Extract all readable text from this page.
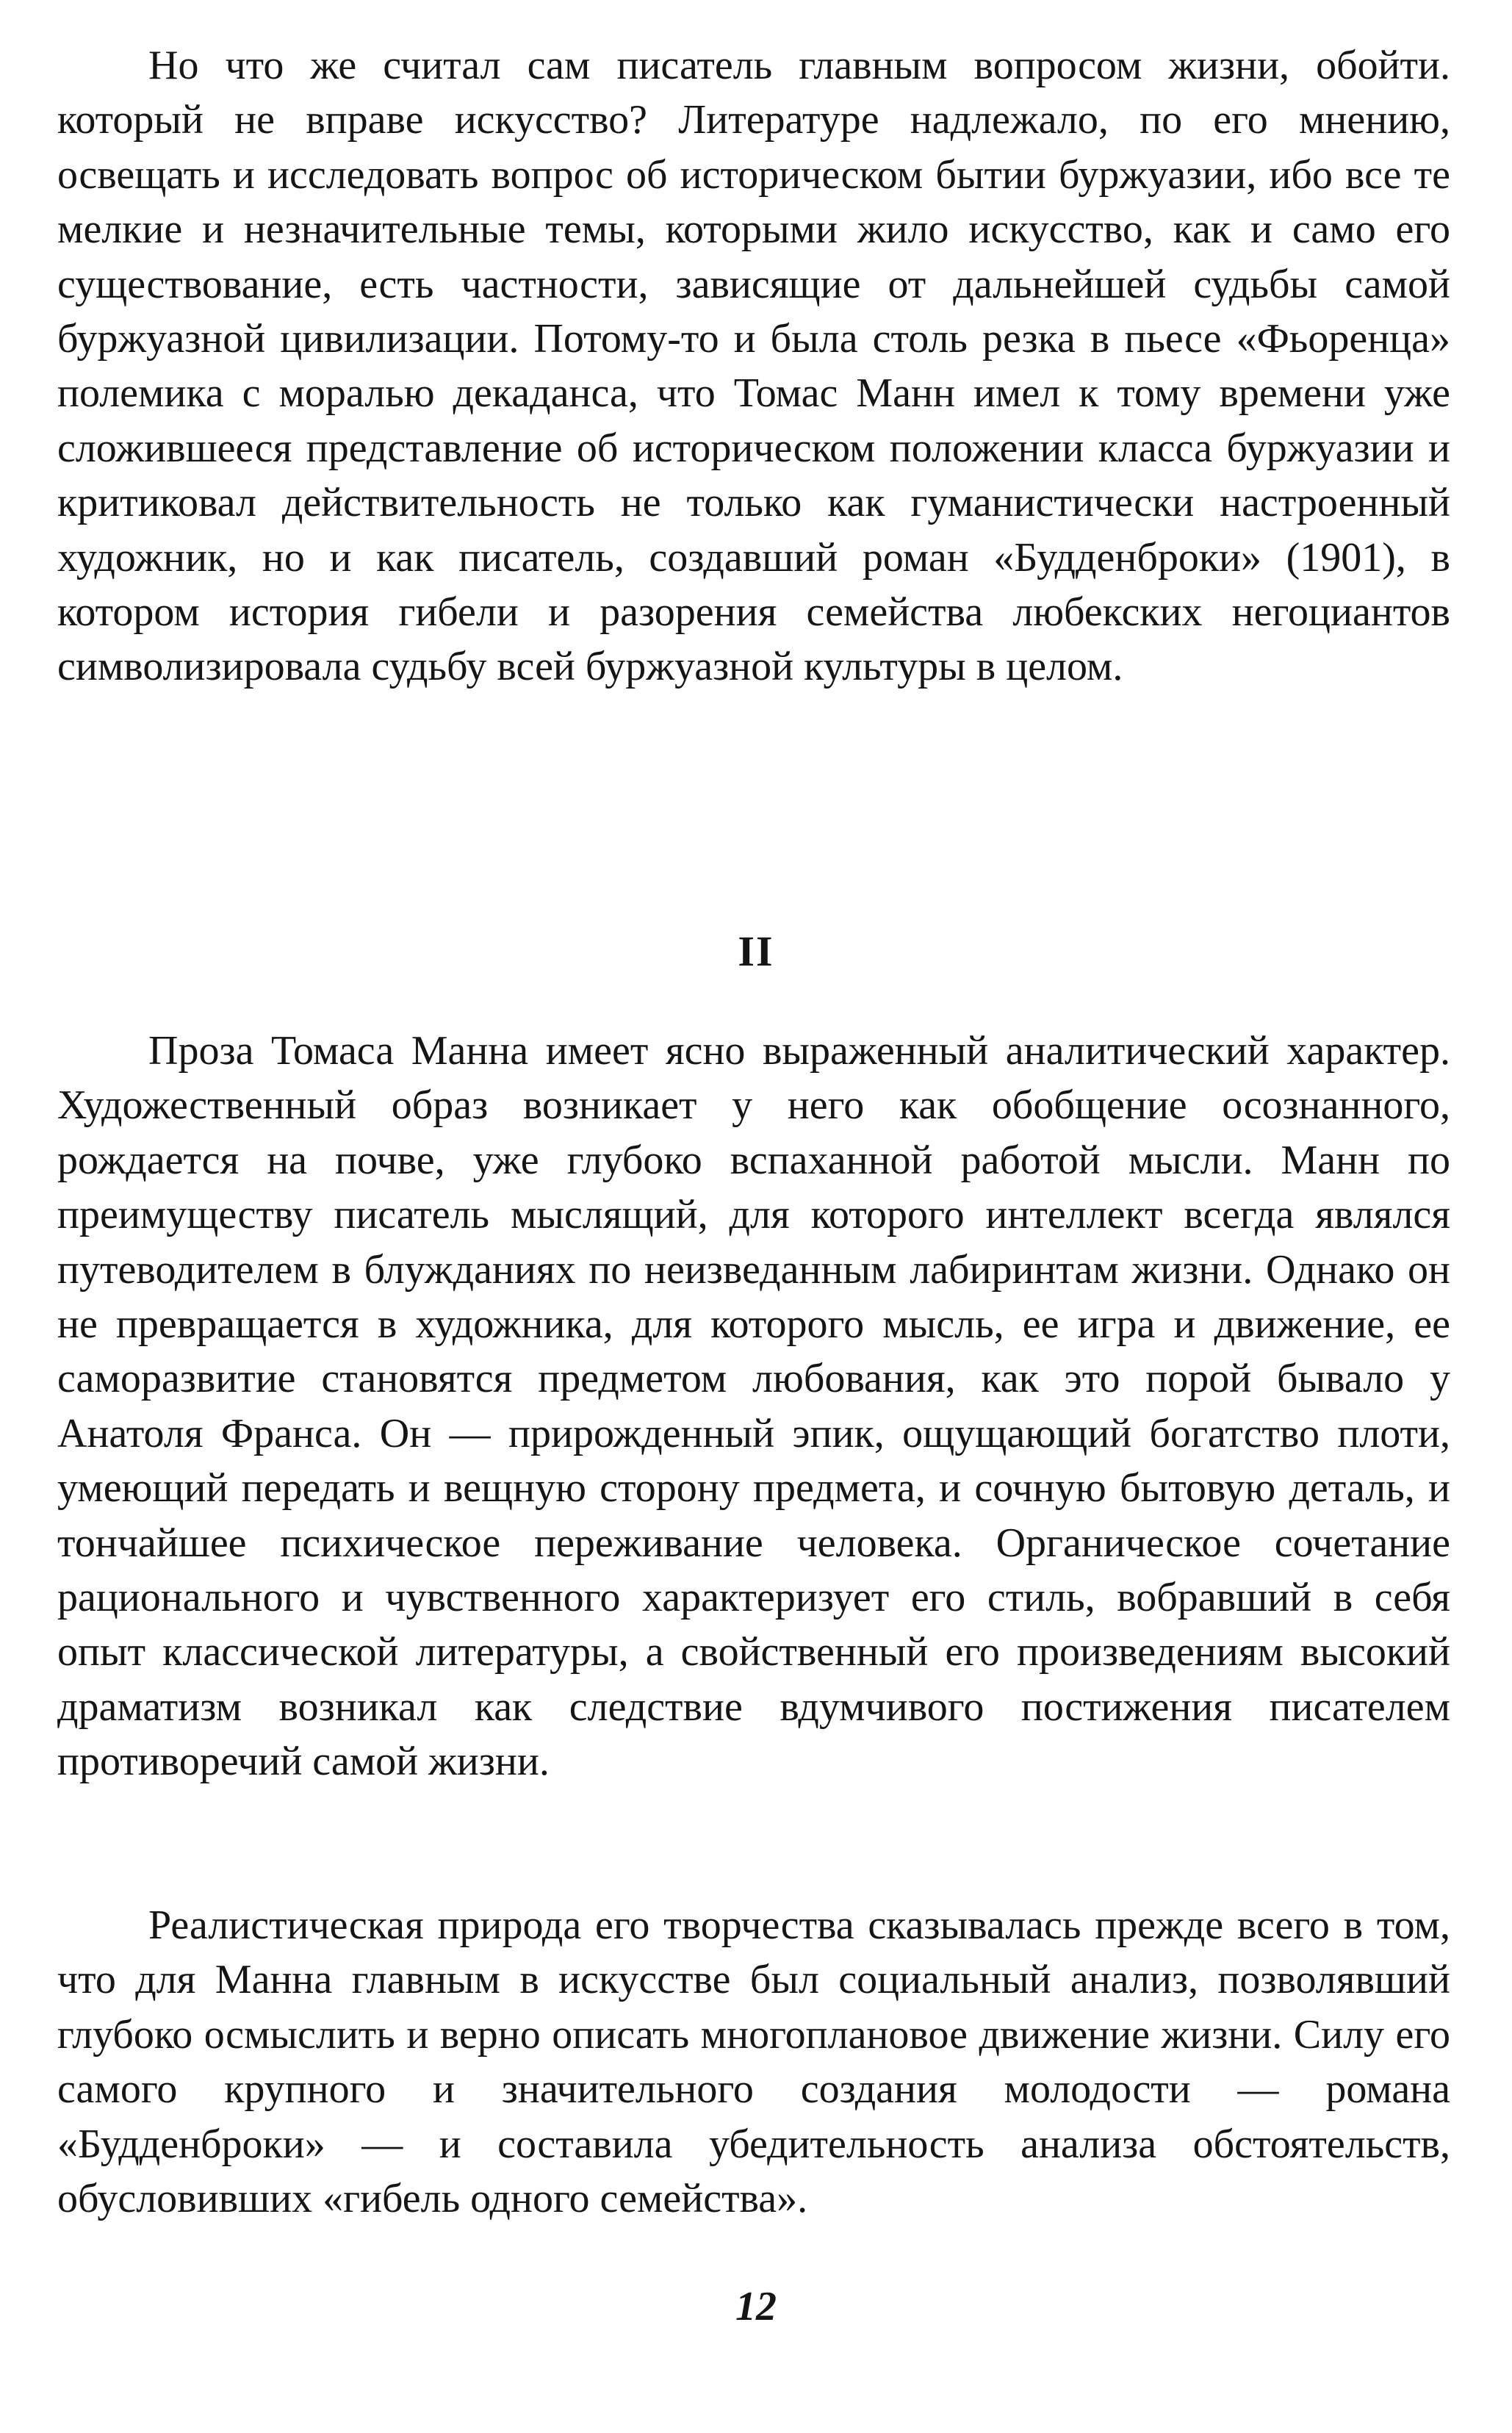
Но что же считал сам писатель главным вопросом жизни, обойти. который не вправе искусство? Литературе надлежало, по его мнению, освещать и исследовать вопрос об историческом бытии буржуазии, ибо все те мелкие и незначительные темы, которыми жило искусство, как и само его существование, есть частности, зависящие от дальнейшей судьбы самой буржуазной цивилизации. Потому-то и была столь резка в пьесе «Фьоренца» полемика с моралью декаданса, что Томас Манн имел к тому времени уже сложившееся представление об историческом положении класса буржуазии и критиковал действительность не только как гуманистически настроенный художник, но и как писатель, создавший роман «Будденброки» (1901), в котором история гибели и разорения семейства любекских негоциантов символизировала судьбу всей буржуазной культуры в целом.

II

Проза Томаса Манна имеет ясно выраженный аналитический характер. Художественный образ возникает у него как обобщение осознанного, рождается на почве, уже глубоко вспаханной работой мысли. Манн по преимуществу писатель мыслящий, для которого интеллект всегда являлся путеводителем в блужданиях по неизведанным лабиринтам жизни. Однако он не превращается в художника, для которого мысль, ее игра и движение, ее саморазвитие становятся предметом любования, как это порой бывало у Анатоля Франса. Он — прирожденный эпик, ощущающий богатство плоти, умеющий передать и вещную сторону предмета, и сочную бытовую деталь, и тончайшее психическое переживание человека. Органическое сочетание рационального и чувственного характеризует его стиль, вобравший в себя опыт классической литературы, а свойственный его произведениям высокий драматизм возникал как следствие вдумчивого постижения писателем противоречий самой жизни.

Реалистическая природа его творчества сказывалась прежде всего в том, что для Манна главным в искусстве был социальный анализ, позволявший глубоко осмыслить и верно описать многоплановое движение жизни. Силу его самого крупного и значительного создания молодости — романа «Будденброки» — и составила убедительность анализа обстоятельств, обусловивших «гибель одного семейства».

12
